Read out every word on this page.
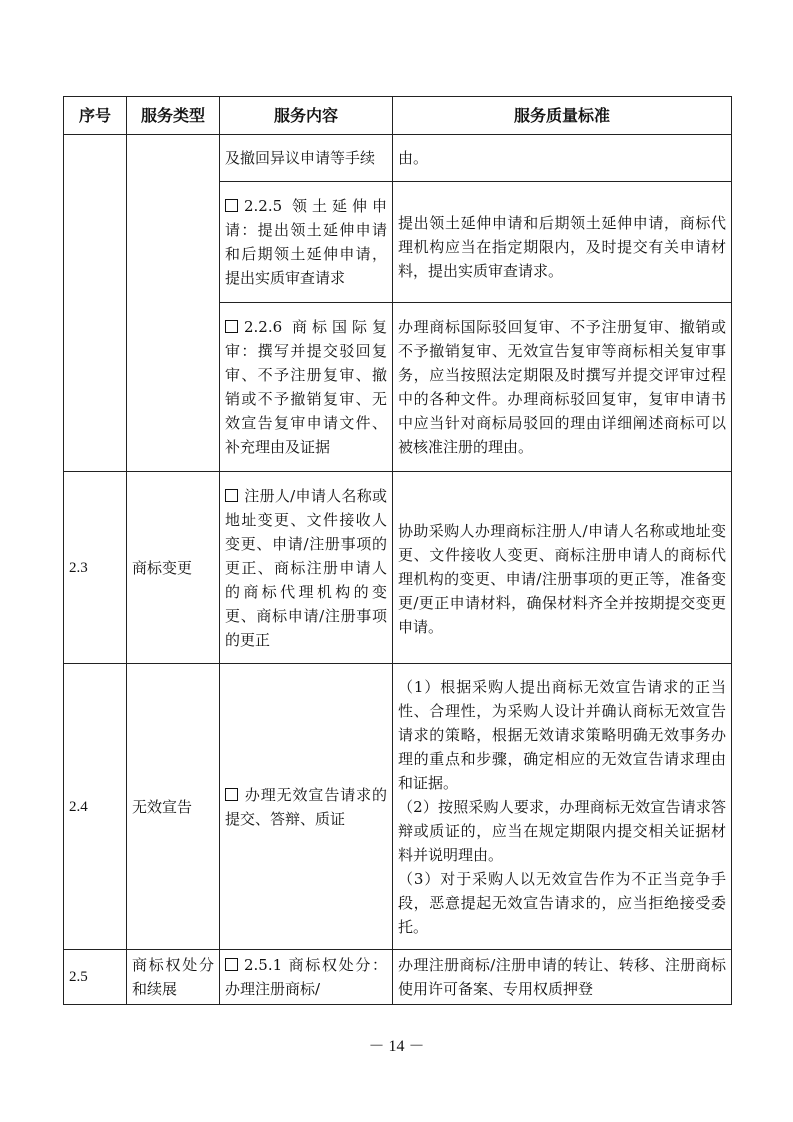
序号	服务类型	服务内容	服务质量标准
		及撤回异议申请等手续	由。
		2.2.5 领土延伸申请：提出领土延伸申请和后期领土延伸申请，提出实质审查请求	提出领土延伸申请和后期领土延伸申请，商标代理机构应当在指定期限内，及时提交有关申请材料，提出实质审查请求。
		2.2.6 商标国际复审：撰写并提交驳回复审、不予注册复审、撤销或不予撤销复审、无效宣告复审申请文件、补充理由及证据	办理商标国际驳回复审、不予注册复审、撤销或不予撤销复审、无效宣告复审等商标相关复审事务，应当按照法定期限及时撰写并提交评审过程中的各种文件。办理商标驳回复审，复审申请书中应当针对商标局驳回的理由详细阐述商标可以被核准注册的理由。
2.3	商标变更	注册人/申请人名称或地址变更、文件接收人变更、申请/注册事项的更正、商标注册申请人的商标代理机构的变更、商标申请/注册事项的更正	协助采购人办理商标注册人/申请人名称或地址变更、文件接收人变更、商标注册申请人的商标代理机构的变更、申请/注册事项的更正等，准备变更/更正申请材料，确保材料齐全并按期提交变更申请。
2.4	无效宣告	办理无效宣告请求的提交、答辩、质证	（1）根据采购人提出商标无效宣告请求的正当性、合理性，为采购人设计并确认商标无效宣告请求的策略，根据无效请求策略明确无效事务办理的重点和步骤，确定相应的无效宣告请求理由和证据。

（2）按照采购人要求，办理商标无效宣告请求答辩或质证的，应当在规定期限内提交相关证据材料并说明理由。

（3）对于采购人以无效宣告作为不正当竞争手段，恶意提起无效宣告请求的，应当拒绝接受委托。

2.5	商标权处分和续展	2.5.1 商标权处分：办理注册商标/	办理注册商标/注册申请的转让、转移、注册商标使用许可备案、专用权质押登
－ 14 －
